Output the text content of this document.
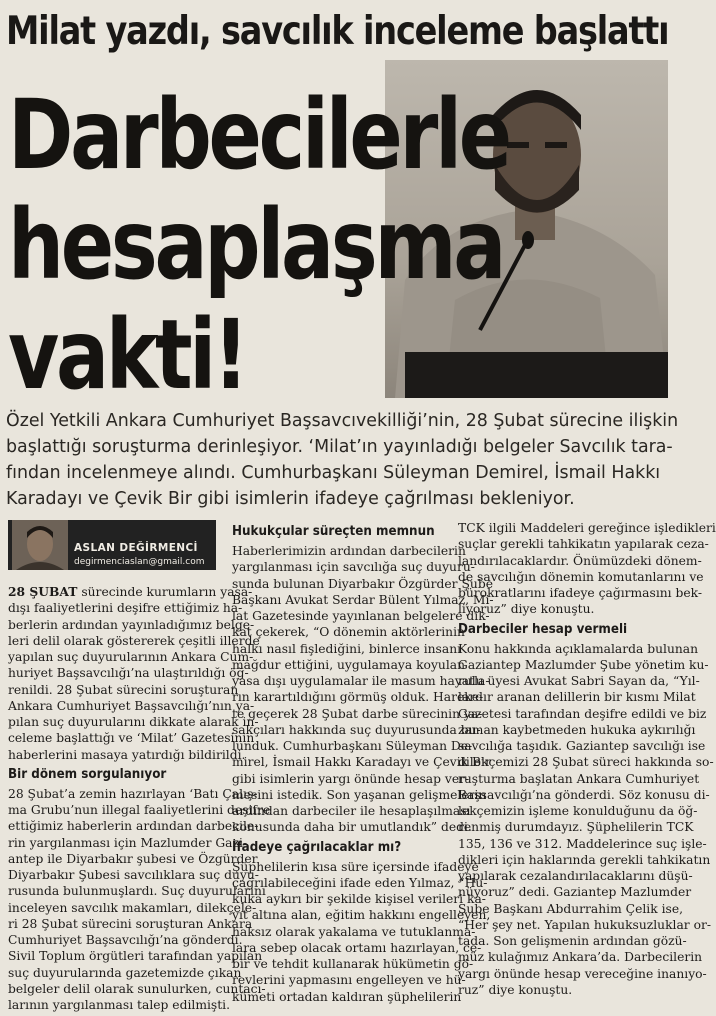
Milat yazdı, savcılık inceleme başlattı
Darbecilerle
hesaplaşma
vakti!
Özel Yetkili Ankara Cumhuriyet Başsavcıvekilliği’nin, 28 Şubat sürecine ilişkin
başlattığı soruşturma derinleşiyor. ‘Milat’ın yayınladığı belgeler Savcılık tara-
fından incelenmeye alındı. Cumhurbaşkanı Süleyman Demirel, İsmail Hakkı
Karadayı ve Çevik Bir gibi isimlerin ifadeye çağrılması bekleniyor.
ASLAN DEĞİRMENCİ
degirmenciaslan@gmail.com
28 ŞUBAT sürecinde kurumların yasa-
dışı faaliyetlerini deşifre ettiğimiz ha-
berlerin ardından yayınladığımız belge-
leri delil olarak göstererek çeşitli illerde
yapılan suç duyurularının Ankara Cum-
huriyet Başsavcılığı’na ulaştırıldığı öğ-
renildi. 28 Şubat sürecini soruşturan
Ankara Cumhuriyet Başsavcılığı’nın ya-
pılan suç duyurularını dikkate alarak in-
celeme başlattığı ve ‘Milat’ Gazetesinin
haberlerini masaya yatırdığı bildirildi.
Bir dönem sorgulanıyor
28 Şubat’a zemin hazırlayan ‘Batı Çalış-
ma Grubu’nun illegal faaliyetlerini deşifre
ettiğimiz haberlerin ardından darbecile-
rin yargılanması için Mazlumder Gazi-
antep ile Diyarbakır şubesi ve Özgürder
Diyarbakır Şubesi savcılıklara suç duyu-
rusunda bulunmuşlardı. Suç duyurularını
inceleyen savcılık makamları, dilekçele-
ri 28 Şubat sürecini soruşturan Ankara
Cumhuriyet Başsavcılığı’na gönderdi.
Sivil Toplum örgütleri tarafından yapılan
suç duyurularında gazetemizde çıkan
belgeler delil olarak sunulurken, cuntacı-
larının yargılanması talep edilmişti.
Hukukçular süreçten memnun
Haberlerimizin ardından darbecilerin
yargılanması için savcılığa suç duyuru-
sunda bulunan Diyarbakır Özgürder Şube
Başkanı Avukat Serdar Bülent Yılmaz, Mi-
lat Gazetesinde yayınlanan belgelere dik-
kat çekerek, “O dönemin aktörlerinin
halkı nasıl fişlediğini, binlerce insanı
mağdur ettiğini, uygulamaya koyulan
yasa dışı uygulamalar ile masum hayatla-
rın karartıldığını görmüş olduk. Hareke-
te geçerek 28 Şubat darbe sürecinin ya-
sakçıları hakkında suç duyurusunda bu-
lunduk. Cumhurbaşkanı Süleyman De-
mirel, İsmail Hakkı Karadayı ve Çevik Bir
gibi isimlerin yargı önünde hesap ver-
mesini istedik. Son yaşanan gelişmelerin
ardından darbeciler ile hesaplaşılması
konusunda daha bir umutlandık” dedi.
İfadeye çağrılacaklar mı?
Şüphelilerin kısa süre içersinde ifadeye
çağrılabileceğini ifade eden Yılmaz, “Hu-
kuka aykırı bir şekilde kişisel verileri ka-
yıt altına alan, eğitim hakkını engelleyen,
haksız olarak yakalama ve tutuklanma-
lara sebep olacak ortamı hazırlayan, ce-
bir ve tehdit kullanarak hükümetin gö-
revlerini yapmasını engelleyen ve hü-
kümeti ortadan kaldıran şüphelilerin
TCK ilgili Maddeleri gereğince işledikleri
suçlar gerekli tahkikatın yapılarak ceza-
landırılacaklardır. Önümüzdeki dönem-
de savcılığın dönemin komutanlarını ve
bürokratlarını ifadeye çağırmasını bek-
liyoruz” diye konuştu.
Darbeciler hesap vermeli
Konu hakkında açıklamalarda bulunan
Gaziantep Mazlumder Şube yönetim ku-
rulu üyesi Avukat Sabri Sayan da, “Yıl-
lardır aranan delillerin bir kısmı Milat
Gazetesi tarafından deşifre edildi ve biz
zaman kaybetmeden hukuka aykırılığı
savcılığa taşıdık. Gaziantep savcılığı ise
dilekçemizi 28 Şubat süreci hakkında so-
ruşturma başlatan Ankara Cumhuriyet
Başsavcılığı’na gönderdi. Söz konusu di-
lekçemizin işleme konulduğunu da öğ-
renmiş durumdayız. Şüphelilerin TCK
135, 136 ve 312. Maddelerince suç işle-
dikleri için haklarında gerekli tahkikatın
yapılarak cezalandırılacaklarını düşü-
nüyoruz” dedi. Gaziantep Mazlumder
Şube Başkanı Abdurrahim Çelik ise,
“Her şey net. Yapılan hukuksuzluklar or-
tada. Son gelişmenin ardından gözü-
müz kulağımız Ankara’da. Darbecilerin
yargı önünde hesap vereceğine inanıyo-
ruz” diye konuştu.
